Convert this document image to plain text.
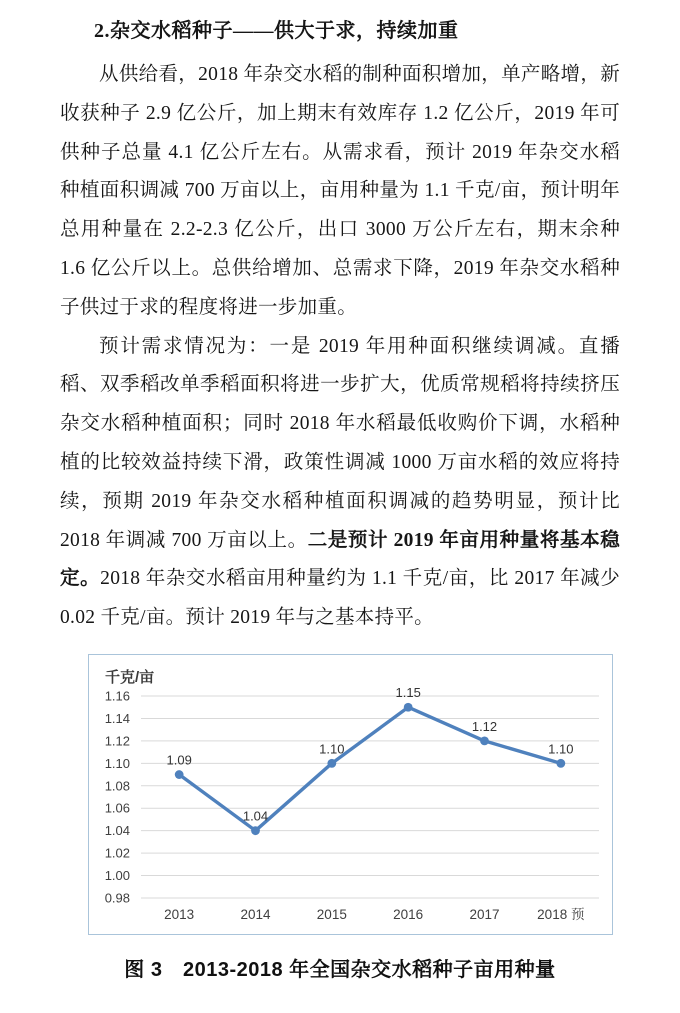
2.杂交水稻种子——供大于求，持续加重

从供给看，2018 年杂交水稻的制种面积增加，单产略增，新收获种子 2.9 亿公斤，加上期末有效库存 1.2 亿公斤，2019 年可供种子总量 4.1 亿公斤左右。从需求看，预计 2019 年杂交水稻种植面积调减 700 万亩以上，亩用种量为 1.1 千克/亩，预计明年总用种量在 2.2-2.3 亿公斤，出口 3000 万公斤左右，期末余种 1.6 亿公斤以上。总供给增加、总需求下降，2019 年杂交水稻种子供过于求的程度将进一步加重。

预计需求情况为：一是 2019 年用种面积继续调减。直播稻、双季稻改单季稻面积将进一步扩大，优质常规稻将持续挤压杂交水稻种植面积；同时 2018 年水稻最低收购价下调，水稻种植的比较效益持续下滑，政策性调减 1000 万亩水稻的效应将持续，预期 2019 年杂交水稻种植面积调减的趋势明显，预计比 2018 年调减 700 万亩以上。二是预计 2019 年亩用种量将基本稳定。2018 年杂交水稻亩用种量约为 1.1 千克/亩，比 2017 年减少 0.02 千克/亩。预计 2019 年与之基本持平。

1.16
1.14
1.12
1.10
1.08
1.06
1.04
1.02
1.00
0.98
2013	2014	2015	2016	2017	2018 预
1.09
1.04
1.10
1.15
1.12
1.10
千克/亩
图 3　2013-2018 年全国杂交水稻种子亩用种量
